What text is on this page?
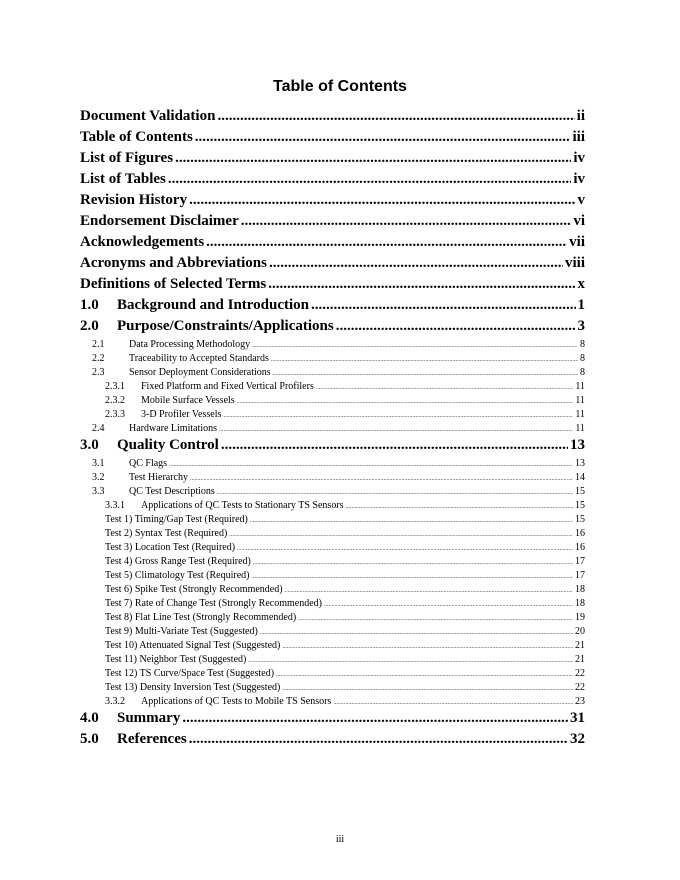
Table of Contents
Document Validation .....	ii
Table of Contents .....	iii
List of Figures .....	iv
List of Tables .....	iv
Revision History .....	v
Endorsement Disclaimer .....	vi
Acknowledgements .....	vii
Acronyms and Abbreviations .....	viii
Definitions of Selected Terms .....	x
1.0	Background and Introduction .....	1
2.0	Purpose/Constraints/Applications .....	3
2.1	Data Processing Methodology .....	8
2.2	Traceability to Accepted Standards .....	8
2.3	Sensor Deployment Considerations .....	8
2.3.1	Fixed Platform and Fixed Vertical Profilers .....	11
2.3.2	Mobile Surface Vessels .....	11
2.3.3	3-D Profiler Vessels .....	11
2.4	Hardware Limitations .....	11
3.0	Quality Control .....	13
3.1	QC Flags .....	13
3.2	Test Hierarchy .....	14
3.3	QC Test Descriptions .....	15
3.3.1	Applications of QC Tests to Stationary TS Sensors .....	15
Test 1) Timing/Gap Test (Required) .....	15
Test 2) Syntax Test (Required) .....	16
Test 3) Location Test (Required) .....	16
Test 4) Gross Range Test (Required) .....	17
Test 5) Climatology Test (Required) .....	17
Test 6) Spike Test (Strongly Recommended) .....	18
Test 7) Rate of Change Test (Strongly Recommended) .....	18
Test 8) Flat Line Test (Strongly Recommended) .....	19
Test 9) Multi-Variate Test (Suggested) .....	20
Test 10) Attenuated Signal Test (Suggested) .....	21
Test 11) Neighbor Test (Suggested) .....	21
Test 12) TS Curve/Space Test (Suggested) .....	22
Test 13) Density Inversion Test (Suggested) .....	22
3.3.2	Applications of QC Tests to Mobile TS Sensors .....	23
4.0	Summary .....	31
5.0	References .....	32
iii
